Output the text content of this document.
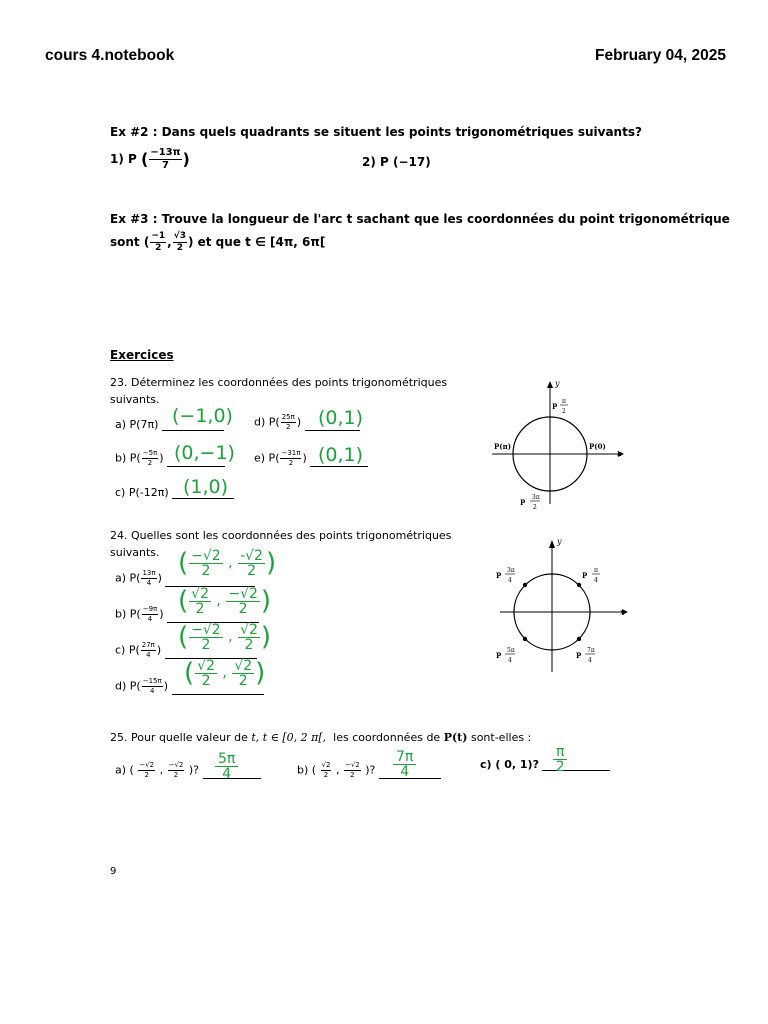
cours 4.notebook	February 04, 2025
Ex #2 : Dans quels quadrants se situent les points trigonométriques suivants?
1) P ( $\frac{-13\pi}{7}$ )	2) P (−17)
Ex #3 : Trouve la longueur de l'arc t sachant que les coordonnées du point trigonométrique
sont ( $\frac{-1}{2}$ , $\frac{√3}{2}$ ) et que t ∈ [4π, 6π[
Exercices
23. Déterminez les coordonnées des points trigonométriques
suivants.
a) P(7π) (−1,0) d) $P( \frac{25\pi}{2}$ ) (0,1)
b) $P( \frac{-5\pi}{2}$ ) (0,−1) e) $P( \frac{-31\pi}{2}$ ) (0,1)
c) P(-12π) (1,0)
y
x
P
π
2
P(π)	P(0)
P
3π
2
24. Quelles sont les coordonnées des points trigonométriques
suivants.
a) $P( \frac{13\pi}{4}$ ) ( $\frac{-√2}{2}$ , $\frac{-√2}{2}$ )
b) $P( \frac{-9\pi}{4}$ ) ( $\frac{√2}{2}$ , $\frac{-√2}{2}$ )
c) $P( \frac{27\pi}{4}$ ) ( $\frac{-√2}{2}$ , $\frac{√2}{2}$ )
d) $P( \frac{-15\pi}{4}$ ) ( $\frac{√2}{2}$ , $\frac{√2}{2}$ )
y
x
P
3π
4
P
π
4
P
5π
4
P
7π
4
25. Pour quelle valeur de t, t ∈ [0, 2 π[, les coordonnées de P(t) sont-elles :
a) ( $\frac{-√2}{2}$ , $\frac{-√2}{2}$ )?	$\frac{5\pi}{4}$	b) ( $\frac{√2}{2}$ , $\frac{-√2}{2}$ )?	$\frac{7\pi}{4}$	c) ( 0, 1)?	$\frac{\pi}{2}$
9
